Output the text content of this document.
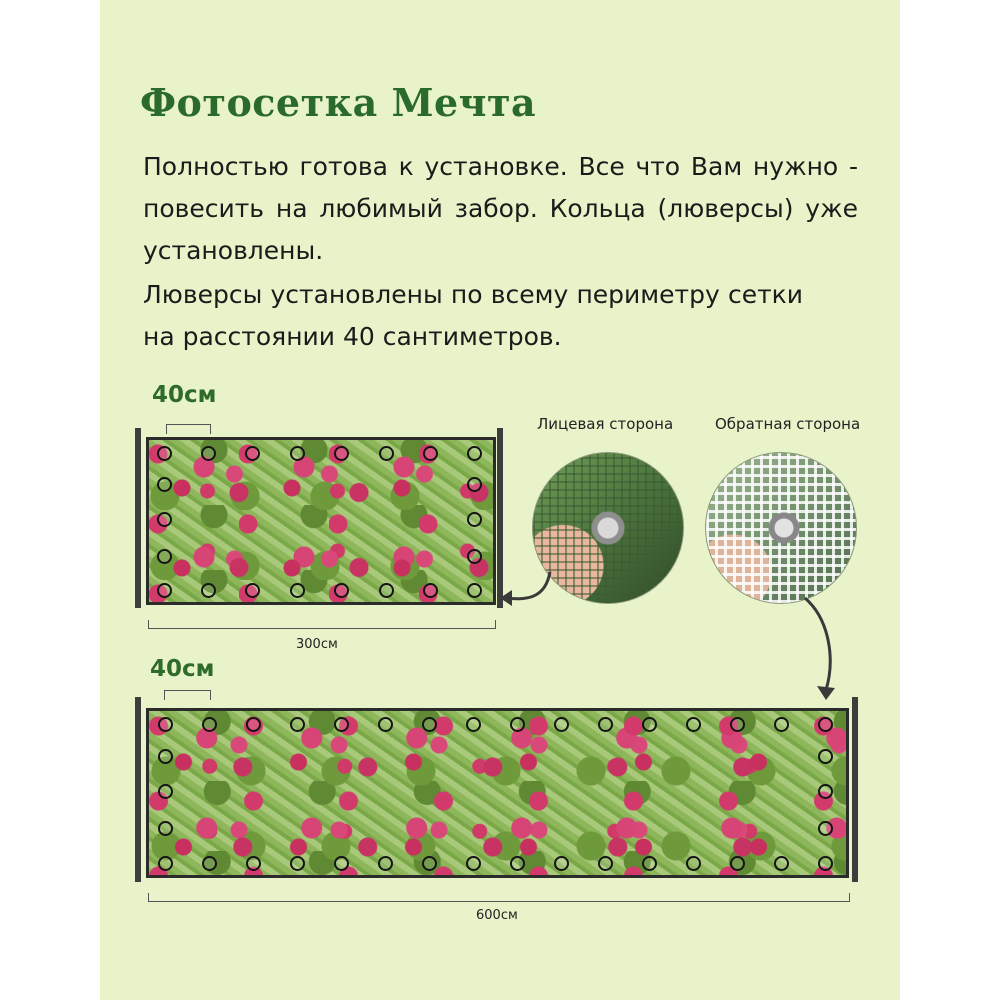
Фотосетка Мечта

Полностью готова к установке. Все что Вам нужно - повесить на любимый забор. Кольца (люверсы) уже установлены.

Люверсы установлены по всему периметру сетки на расстоянии 40 сантиметров.

40см
300см
Лицевая сторона	Обратная сторона
40см
600см
